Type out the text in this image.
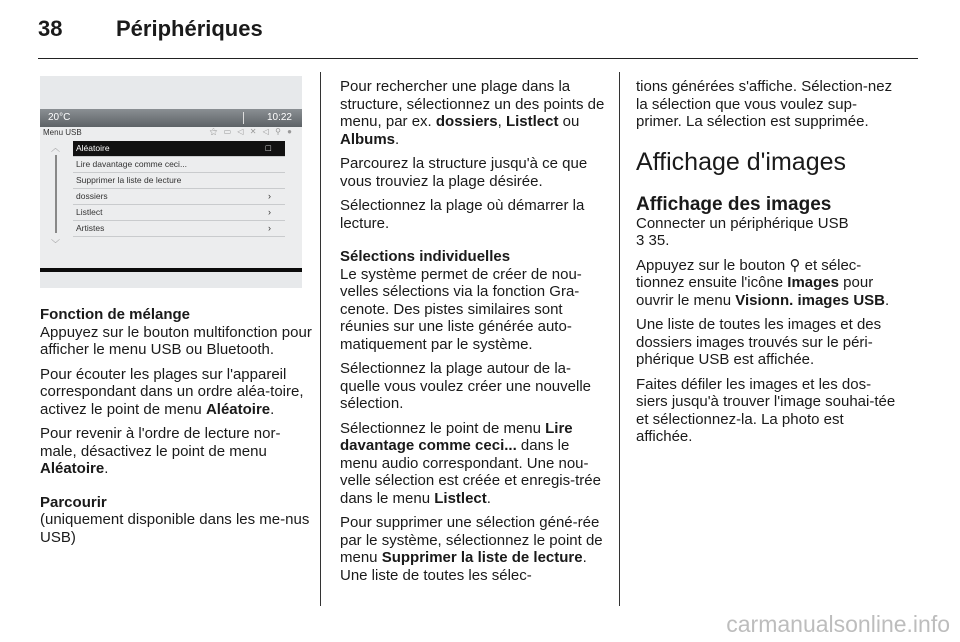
38 Périphériques
20°C	10:22
Menu USB	⚝ ▭ ◁ ✕ ◁ ⚲ ●
︿
﹀
Aléatoire	□
Lire davantage comme ceci...
Supprimer la liste de lecture
dossiers	›
Listlect	›
Artistes	›

Fonction de mélange

Appuyez sur le bouton multifonction pour afficher le menu USB ou Bluetooth.

Pour écouter les plages sur l'appareil correspondant dans un ordre aléa-toire, activez le point de menu Aléatoire.

Pour revenir à l'ordre de lecture nor-male, désactivez le point de menu Aléatoire.

Parcourir

(uniquement disponible dans les me-nus USB)

Pour rechercher une plage dans la structure, sélectionnez un des points de menu, par ex. dossiers, Listlect ou Albums.

Parcourez la structure jusqu'à ce que vous trouviez la plage désirée.

Sélectionnez la plage où démarrer la lecture.

Sélections individuelles

Le système permet de créer de nou-velles sélections via la fonction Gra-cenote. Des pistes similaires sont réunies sur une liste générée auto-matiquement par le système.

Sélectionnez la plage autour de la-quelle vous voulez créer une nouvelle sélection.

Sélectionnez le point de menu Lire davantage comme ceci... dans le menu audio correspondant. Une nou-velle sélection est créée et enregis-trée dans le menu Listlect.

Pour supprimer une sélection géné-rée par le système, sélectionnez le point de menu Supprimer la liste de lecture. Une liste de toutes les sélec-

tions générées s'affiche. Sélection-nez la sélection que vous voulez sup-primer. La sélection est supprimée.

Affichage d'images

Affichage des images

Connecter un périphérique USB
3 35.

Appuyez sur le bouton ⚲ et sélec-tionnez ensuite l'icône Images pour ouvrir le menu Visionn. images USB.

Une liste de toutes les images et des dossiers images trouvés sur le péri-phérique USB est affichée.

Faites défiler les images et les dos-siers jusqu'à trouver l'image souhai-tée et sélectionnez-la. La photo est affichée.

carmanualsonline.info
